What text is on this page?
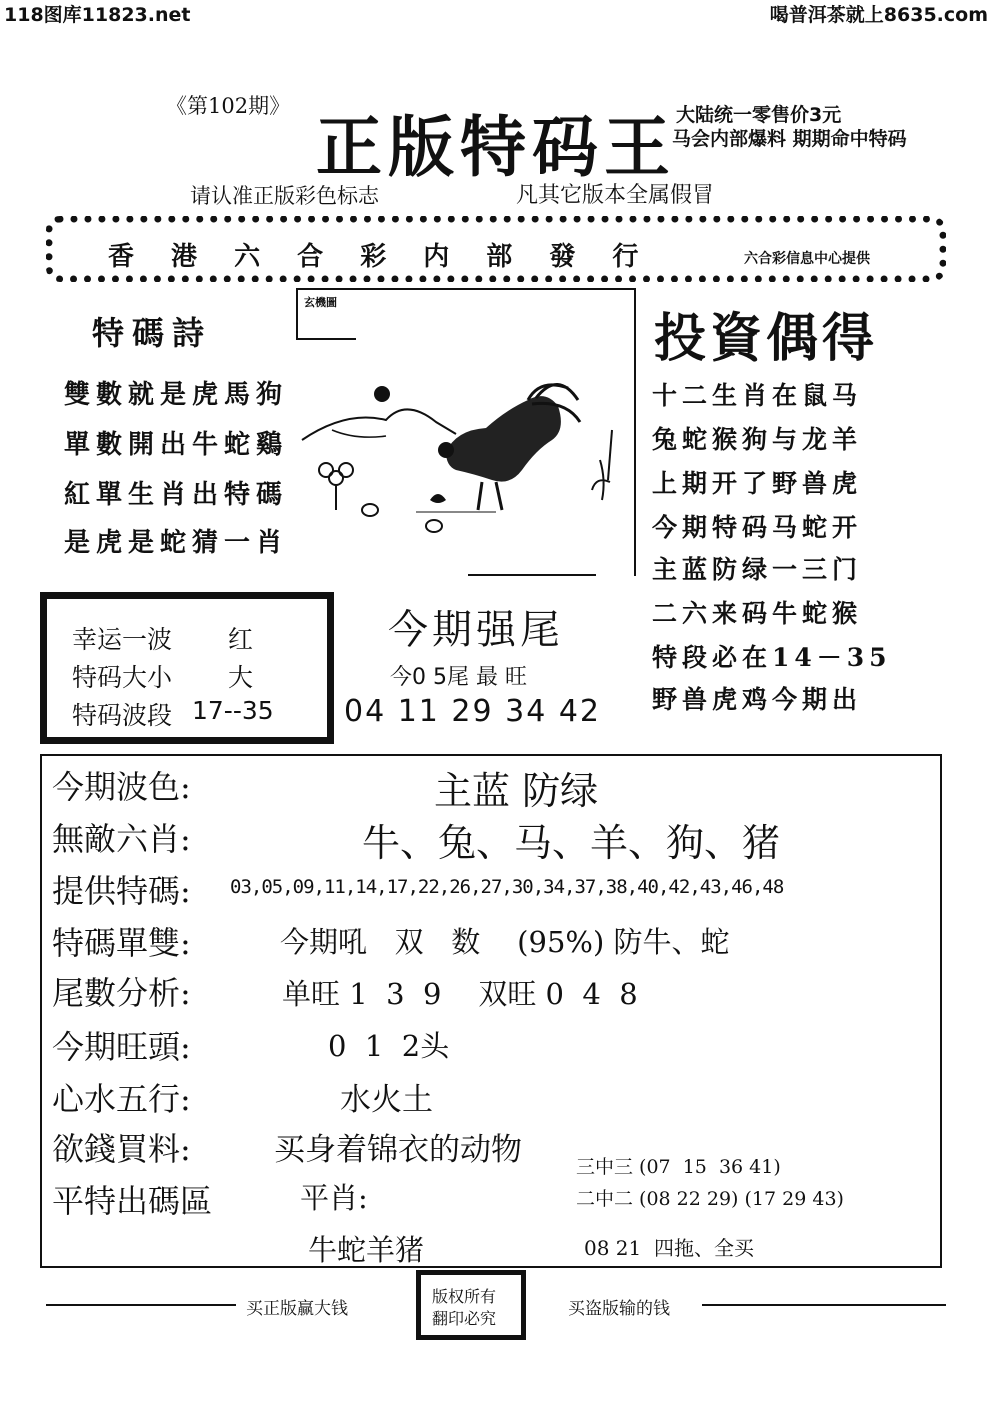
118图库11823.net	喝普洱茶就上8635.com
《第102期》
正版特码王 大陆统一零售价3元
马会内部爆料 期期命中特码
请认准正版彩色标志	凡其它版本全属假冒
香 港 六 合 彩 内 部 發 行	六合彩信息中心提供
特碼詩
雙數就是虎馬狗
單數開出牛蛇鷄
紅單生肖出特碼
是虎是蛇猜一肖
玄機圖
投資偶得
十二生肖在鼠马
兔蛇猴狗与龙羊
上期开了野兽虎
今期特码马蛇开
主蓝防绿一三门
二六来码牛蛇猴
特段必在14－35
野兽虎鸡今期出
幸运一波 红
特码大小 大
特码波段 17--35
今期强尾
今0 5尾 最 旺
04 11 29 34 42
今期波色:	主蓝 防绿
無敵六肖:	牛、兔、马、羊、狗、猪
提供特碼: 03,05,09,11,14,17,22,26,27,30,34,37,38,40,42,43,46,48
特碼單雙:	今期吼   双   数    (95%) 防牛、蛇
尾數分析:	单旺 1  3  9    双旺 0  4  8
今期旺頭:	0  1  2头
心水五行:	水火土
欲錢買料:	买身着锦衣的动物
平特出碼區	平肖:
牛蛇羊猪
三中三 (07  15  36 41)
二中二 (08 22 29) (17 29 43)
08 21  四拖、全买
买正版赢大钱
版权所有
翻印必究	买盗版输的钱
